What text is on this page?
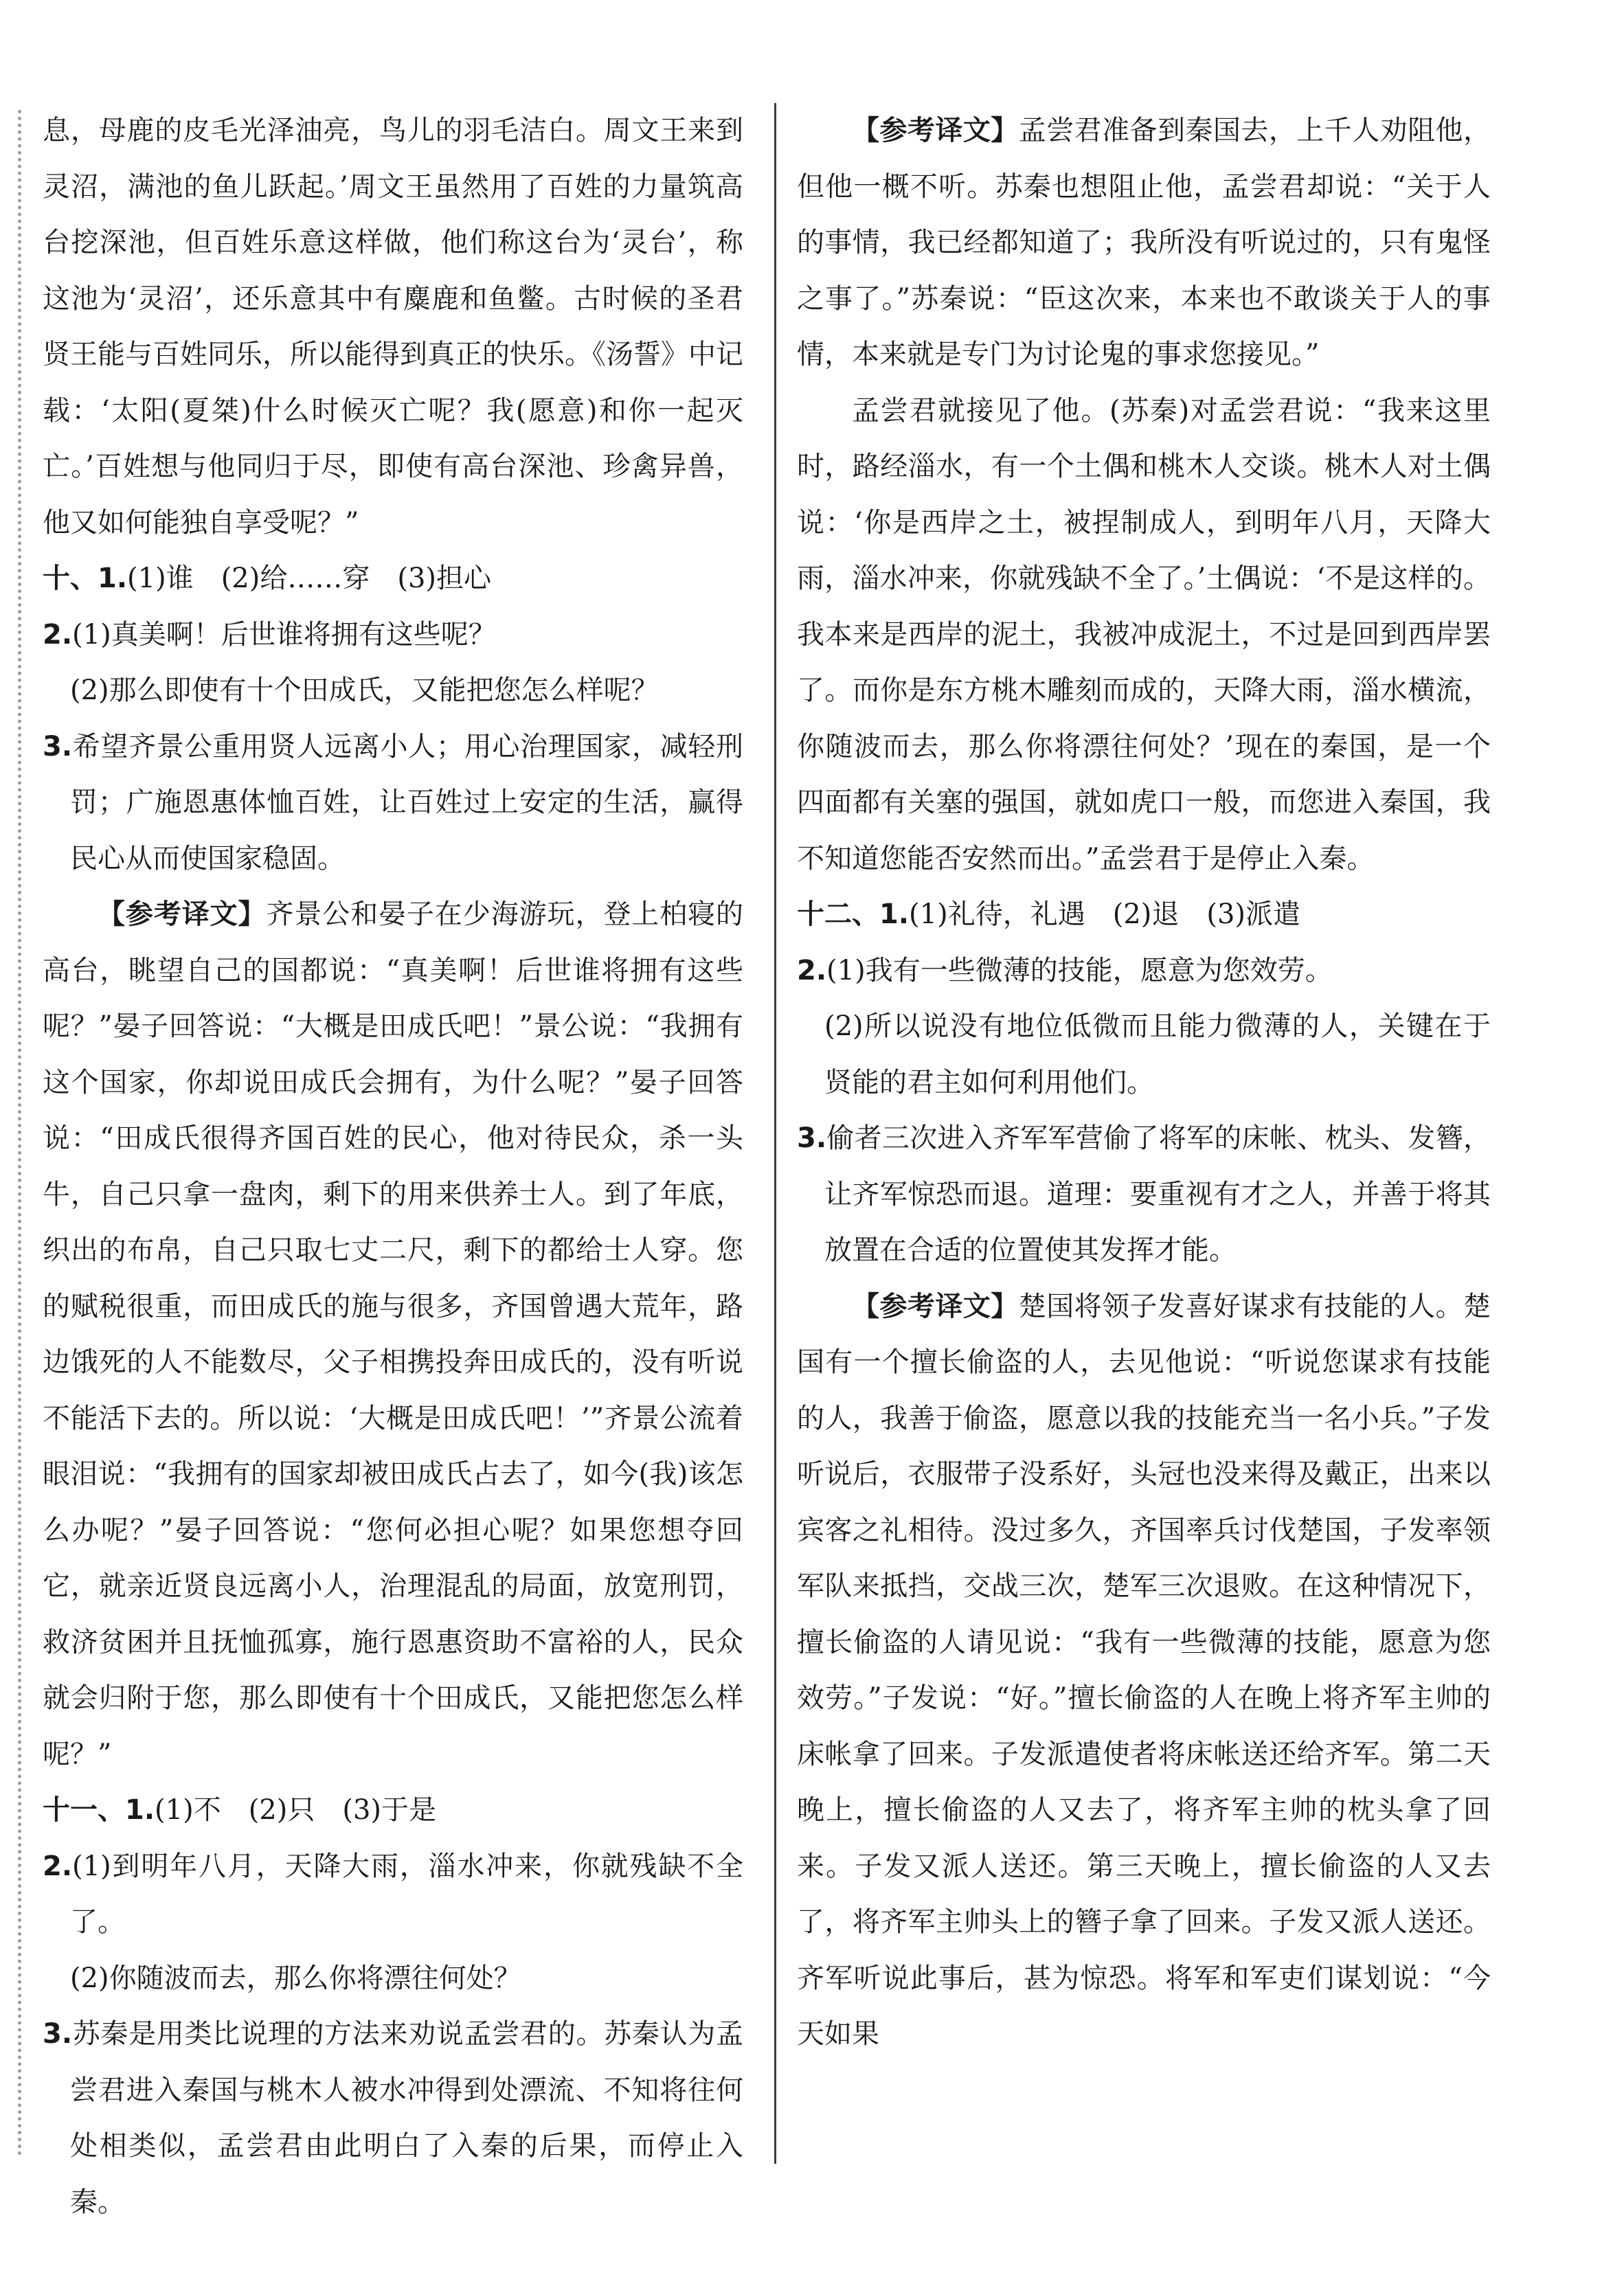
息，母鹿的皮毛光泽油亮，鸟儿的羽毛洁白。周文王来到灵沼，满池的鱼儿跃起。’周文王虽然用了百姓的力量筑高台挖深池，但百姓乐意这样做，他们称这台为‘灵台’，称这池为‘灵沼’，还乐意其中有麋鹿和鱼鳖。古时候的圣君贤王能与百姓同乐，所以能得到真正的快乐。《汤誓》中记载：‘太阳(夏桀)什么时候灭亡呢？我(愿意)和你一起灭亡。’百姓想与他同归于尽，即使有高台深池、珍禽异兽，他又如何能独自享受呢？”

十、1.(1)谁　(2)给……穿　(3)担心

2.(1)真美啊！后世谁将拥有这些呢？

(2)那么即使有十个田成氏，又能把您怎么样呢？

3.希望齐景公重用贤人远离小人；用心治理国家，减轻刑罚；广施恩惠体恤百姓，让百姓过上安定的生活，赢得民心从而使国家稳固。

【参考译文】齐景公和晏子在少海游玩，登上柏寝的高台，眺望自己的国都说：“真美啊！后世谁将拥有这些呢？”晏子回答说：“大概是田成氏吧！”景公说：“我拥有这个国家，你却说田成氏会拥有，为什么呢？”晏子回答说：“田成氏很得齐国百姓的民心，他对待民众，杀一头牛，自己只拿一盘肉，剩下的用来供养士人。到了年底，织出的布帛，自己只取七丈二尺，剩下的都给士人穿。您的赋税很重，而田成氏的施与很多，齐国曾遇大荒年，路边饿死的人不能数尽，父子相携投奔田成氏的，没有听说不能活下去的。所以说：‘大概是田成氏吧！’”齐景公流着眼泪说：“我拥有的国家却被田成氏占去了，如今(我)该怎么办呢？”晏子回答说：“您何必担心呢？如果您想夺回它，就亲近贤良远离小人，治理混乱的局面，放宽刑罚，救济贫困并且抚恤孤寡，施行恩惠资助不富裕的人，民众就会归附于您，那么即使有十个田成氏，又能把您怎么样呢？”

十一、1.(1)不　(2)只　(3)于是

2.(1)到明年八月，天降大雨，淄水冲来，你就残缺不全了。

(2)你随波而去，那么你将漂往何处？

3.苏秦是用类比说理的方法来劝说孟尝君的。苏秦认为孟尝君进入秦国与桃木人被水冲得到处漂流、不知将往何处相类似，孟尝君由此明白了入秦的后果，而停止入秦。

【参考译文】孟尝君准备到秦国去，上千人劝阻他，但他一概不听。苏秦也想阻止他，孟尝君却说：“关于人的事情，我已经都知道了；我所没有听说过的，只有鬼怪之事了。”苏秦说：“臣这次来，本来也不敢谈关于人的事情，本来就是专门为讨论鬼的事求您接见。”

孟尝君就接见了他。(苏秦)对孟尝君说：“我来这里时，路经淄水，有一个土偶和桃木人交谈。桃木人对土偶说：‘你是西岸之土，被捏制成人，到明年八月，天降大雨，淄水冲来，你就残缺不全了。’土偶说：‘不是这样的。我本来是西岸的泥土，我被冲成泥土，不过是回到西岸罢了。而你是东方桃木雕刻而成的，天降大雨，淄水横流，你随波而去，那么你将漂往何处？’现在的秦国，是一个四面都有关塞的强国，就如虎口一般，而您进入秦国，我不知道您能否安然而出。”孟尝君于是停止入秦。

十二、1.(1)礼待，礼遇　(2)退　(3)派遣

2.(1)我有一些微薄的技能，愿意为您效劳。

(2)所以说没有地位低微而且能力微薄的人，关键在于贤能的君主如何利用他们。

3.偷者三次进入齐军军营偷了将军的床帐、枕头、发簪，让齐军惊恐而退。道理：要重视有才之人，并善于将其放置在合适的位置使其发挥才能。

【参考译文】楚国将领子发喜好谋求有技能的人。楚国有一个擅长偷盗的人，去见他说：“听说您谋求有技能的人，我善于偷盗，愿意以我的技能充当一名小兵。”子发听说后，衣服带子没系好，头冠也没来得及戴正，出来以宾客之礼相待。没过多久，齐国率兵讨伐楚国，子发率领军队来抵挡，交战三次，楚军三次退败。在这种情况下，擅长偷盗的人请见说：“我有一些微薄的技能，愿意为您效劳。”子发说：“好。”擅长偷盗的人在晚上将齐军主帅的床帐拿了回来。子发派遣使者将床帐送还给齐军。第二天晚上，擅长偷盗的人又去了，将齐军主帅的枕头拿了回来。子发又派人送还。第三天晚上，擅长偷盗的人又去了，将齐军主帅头上的簪子拿了回来。子发又派人送还。齐军听说此事后，甚为惊恐。将军和军吏们谋划说：“今天如果
